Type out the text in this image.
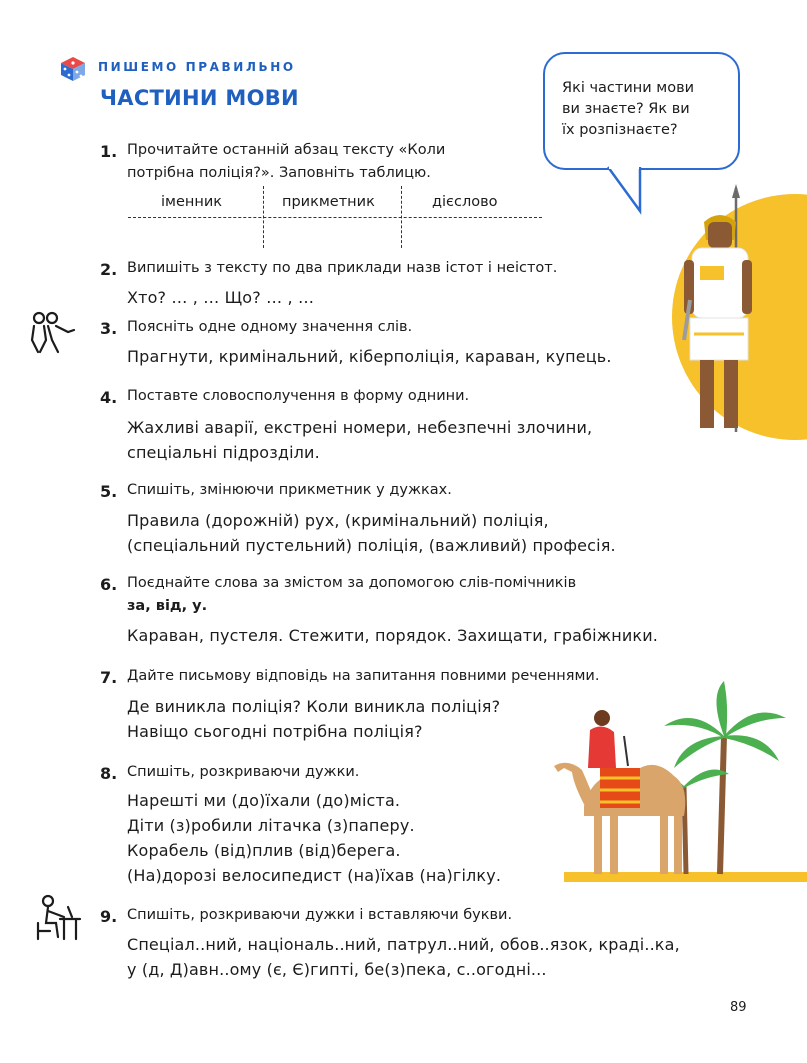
ПИШЕМО ПРАВИЛЬНО
ЧАСТИНИ МОВИ	Які частини мови
ви знаєте? Як ви
їх розпізнаєте?
1. Прочитайте останній абзац тексту «Коли
потрібна поліція?». Заповніть таблицю.
іменник	прикметник	дієслово
2. Випишіть з тексту по два приклади назв істот і неістот.
Хто? … , … Що? … , …
3. Поясніть одне одному значення слів.
Прагнути, кримінальний, кіберполіція, караван, купець.
4. Поставте словосполучення в форму однини.
Жахливі аварії, екстрені номери, небезпечні злочини,
спеціальні підрозділи.
5. Спишіть, змінюючи прикметник у дужках.
Правила (дорожній) рух, (кримінальний) поліція,
(спеціальний пустельний) поліція, (важливий) професія.
6. Поєднайте слова за змістом за допомогою слів-помічників
за, від, у.
Караван, пустеля. Стежити, порядок. Захищати, грабіжники.
7. Дайте письмову відповідь на запитання повними реченнями.
Де виникла поліція? Коли виникла поліція?
Навіщо сьогодні потрібна поліція?
8. Спишіть, розкриваючи дужки.
Нарешті ми (до)їхали (до)міста.
Діти (з)робили літачка (з)паперу.
Корабель (від)плив (від)берега.
(На)дорозі велосипедист (на)їхав (на)гілку.
9. Спишіть, розкриваючи дужки і вставляючи букви.
Спеціал..ний, національ..ний, патрул..ний, обов..язок, краді..ка,
у (д, Д)авн..ому (є, Є)гипті, бе(з)пека, с..огодні...
89
